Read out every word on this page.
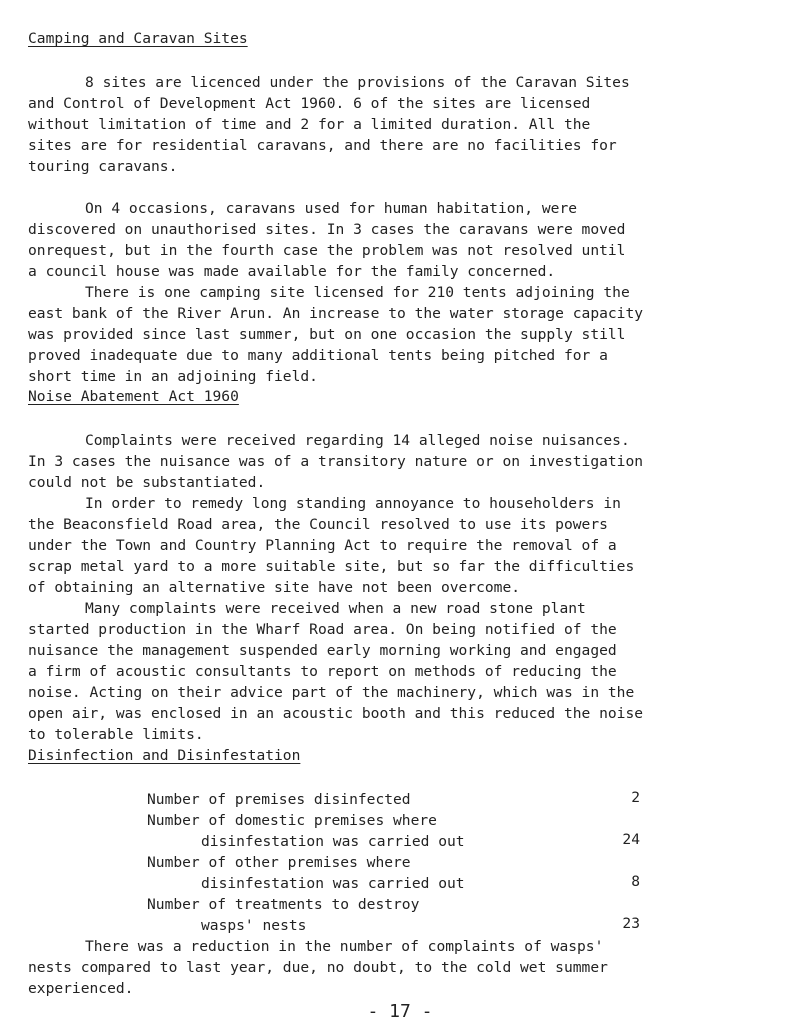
Camping and Caravan Sites

8 sites are licenced under the provisions of the Caravan Sites
and Control of Development Act 1960. 6 of the sites are licensed
without limitation of time and 2 for a limited duration. All the
sites are for residential caravans, and there are no facilities for
touring caravans.

On 4 occasions, caravans used for human habitation, were
discovered on unauthorised sites. In 3 cases the caravans were moved
onrequest, but in the fourth case the problem was not resolved until
a council house was made available for the family concerned.

There is one camping site licensed for 210 tents adjoining the
east bank of the River Arun. An increase to the water storage capacity
was provided since last summer, but on one occasion the supply still
proved inadequate due to many additional tents being pitched for a
short time in an adjoining field.

Noise Abatement Act 1960

Complaints were received regarding 14 alleged noise nuisances.
In 3 cases the nuisance was of a transitory nature or on investigation
could not be substantiated.

In order to remedy long standing annoyance to householders in
the Beaconsfield Road area, the Council resolved to use its powers
under the Town and Country Planning Act to require the removal of a
scrap metal yard to a more suitable site, but so far the difficulties
of obtaining an alternative site have not been overcome.

Many complaints were received when a new road stone plant
started production in the Wharf Road area. On being notified of the
nuisance the management suspended early morning working and engaged
a firm of acoustic consultants to report on methods of reducing the
noise. Acting on their advice part of the machinery, which was in the
open air, was enclosed in an acoustic booth and this reduced the noise
to tolerable limits.

Disinfection and Disinfestation
Number of premises disinfected	2
Number of domestic premises where
disinfestation was carried out	24
Number of other premises where
disinfestation was carried out	8
Number of treatments to destroy
wasps' nests	23

There was a reduction in the number of complaints of wasps'
nests compared to last year, due, no doubt, to the cold wet summer
experienced.

- 17 -
